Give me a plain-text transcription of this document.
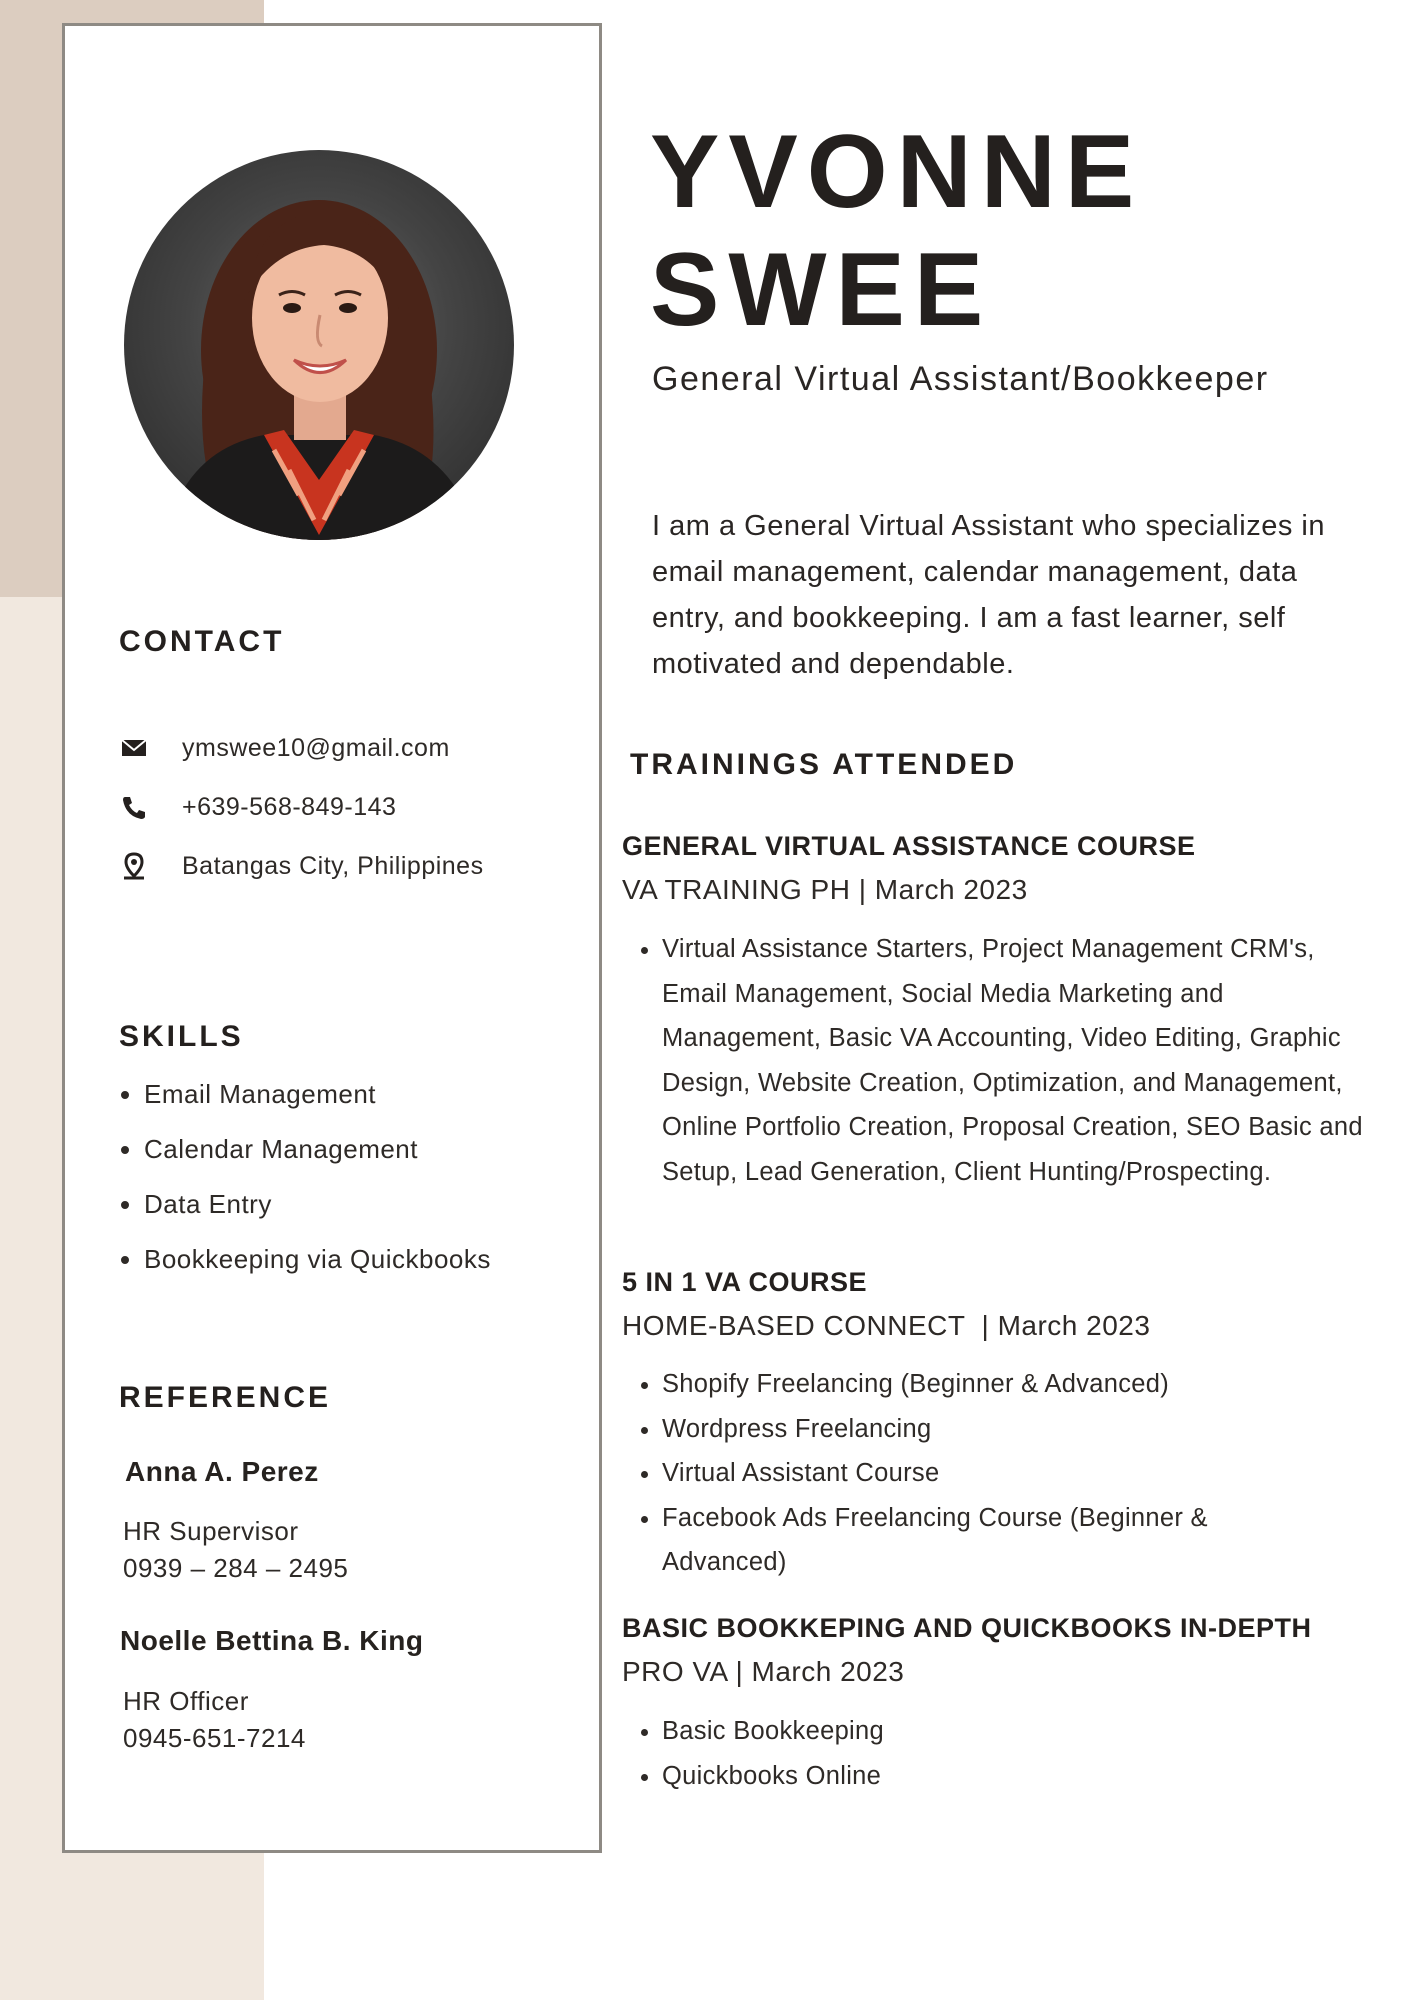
CONTACT
ymswee10@gmail.com
+639-568-849-143
Batangas City, Philippines
SKILLS
• Email Management
• Calendar Management
• Data Entry
• Bookkeeping via Quickbooks
REFERENCE
Anna A. Perez
HR Supervisor
0939 – 284 – 2495
Noelle Bettina B. King
HR Officer
0945-651-7214
YVONNE
SWEE
General Virtual Assistant/Bookkeeper
I am a General Virtual Assistant who specializes in email management, calendar management, data entry, and bookkeeping. I am a fast learner, self motivated and dependable.
TRAININGS ATTENDED
GENERAL VIRTUAL ASSISTANCE COURSE
VA TRAINING PH | March 2023
• Virtual Assistance Starters, Project Management CRM's, Email Management, Social Media Marketing and Management, Basic VA Accounting, Video Editing, Graphic Design, Website Creation, Optimization, and Management, Online Portfolio Creation, Proposal Creation, SEO Basic and Setup, Lead Generation, Client Hunting/Prospecting.
5 IN 1 VA COURSE
HOME-BASED CONNECT  | March 2023
• Shopify Freelancing (Beginner & Advanced)
• Wordpress Freelancing
• Virtual Assistant Course
• Facebook Ads Freelancing Course (Beginner & Advanced)
BASIC BOOKKEPING AND QUICKBOOKS IN-DEPTH
PRO VA | March 2023
• Basic Bookkeeping
• Quickbooks Online
